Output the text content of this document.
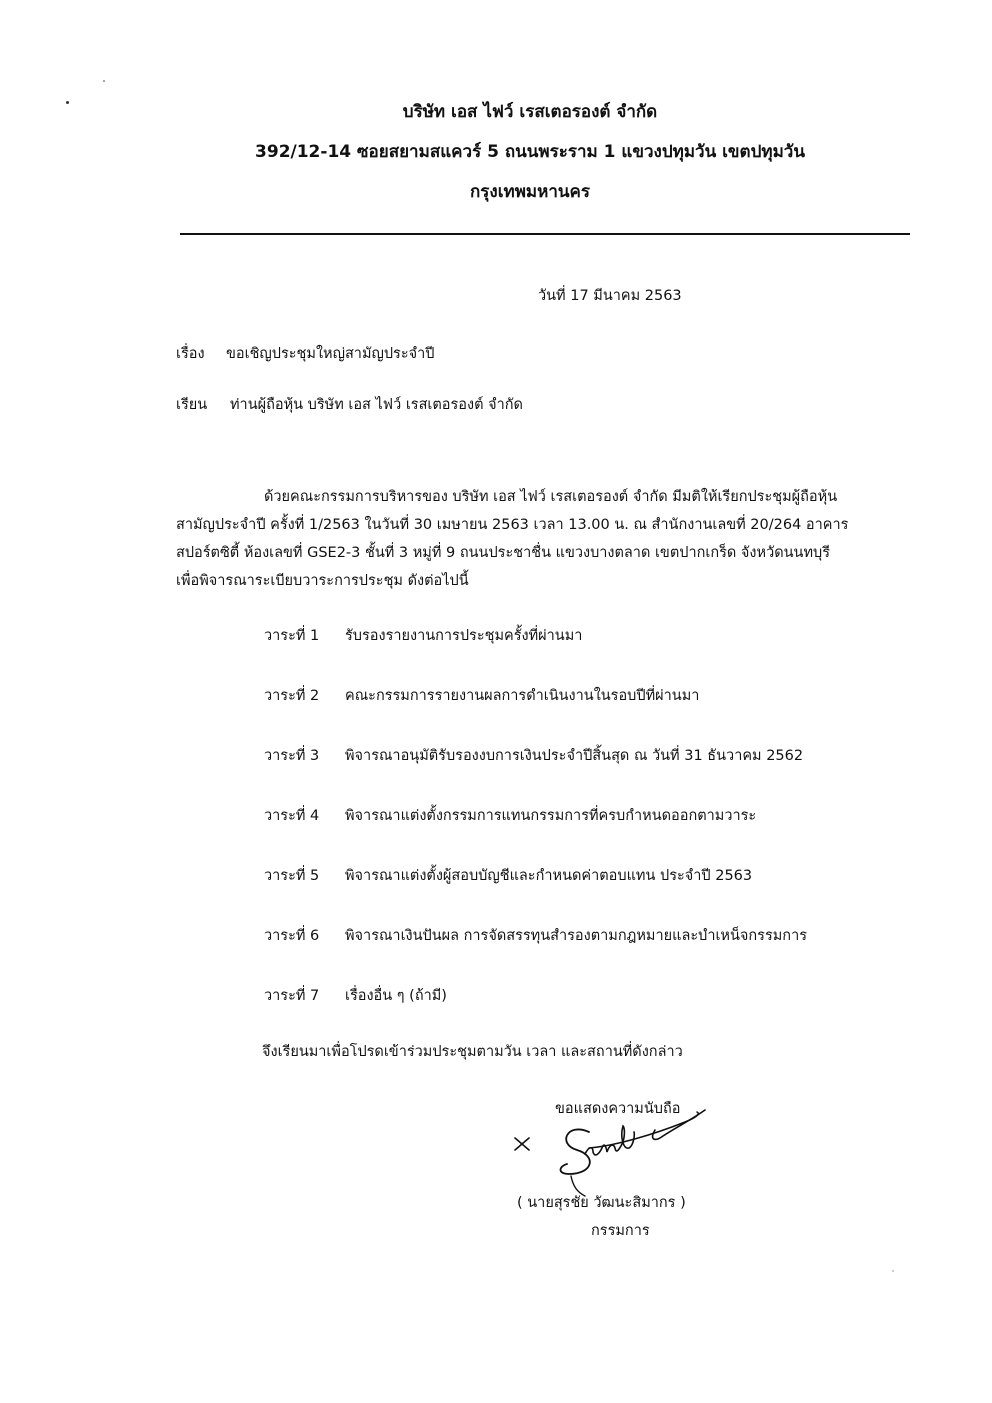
บริษัท เอส ไฟว์ เรสเตอรองต์ จำกัด
392/12-14 ซอยสยามสแควร์ 5 ถนนพระราม 1 แขวงปทุมวัน เขตปทุมวัน
กรุงเทพมหานคร
วันที่ 17 มีนาคม 2563
เรื่อง ขอเชิญประชุมใหญ่สามัญประจำปี
เรียน ท่านผู้ถือหุ้น บริษัท เอส ไฟว์ เรสเตอรองต์ จำกัด
ด้วยคณะกรรมการบริหารของ บริษัท เอส ไฟว์ เรสเตอรองต์ จำกัด มีมติให้เรียกประชุมผู้ถือหุ้น
สามัญประจำปี ครั้งที่ 1/2563 ในวันที่ 30 เมษายน 2563 เวลา 13.00 น. ณ สำนักงานเลขที่ 20/264 อาคาร
สปอร์ตซิตี้ ห้องเลขที่ GSE2-3 ชั้นที่ 3 หมู่ที่ 9 ถนนประชาชื่น แขวงบางตลาด เขตปากเกร็ด จังหวัดนนทบุรี
เพื่อพิจารณาระเบียบวาระการประชุม ดังต่อไปนี้
วาระที่ 1 รับรองรายงานการประชุมครั้งที่ผ่านมา
วาระที่ 2 คณะกรรมการรายงานผลการดำเนินงานในรอบปีที่ผ่านมา
วาระที่ 3 พิจารณาอนุมัติรับรองงบการเงินประจำปีสิ้นสุด ณ วันที่ 31 ธันวาคม 2562
วาระที่ 4 พิจารณาแต่งตั้งกรรมการแทนกรรมการที่ครบกำหนดออกตามวาระ
วาระที่ 5 พิจารณาแต่งตั้งผู้สอบบัญชีและกำหนดค่าตอบแทน ประจำปี 2563
วาระที่ 6 พิจารณาเงินปันผล การจัดสรรทุนสำรองตามกฎหมายและบำเหน็จกรรมการ
วาระที่ 7 เรื่องอื่น ๆ (ถ้ามี)
จึงเรียนมาเพื่อโปรดเข้าร่วมประชุมตามวัน เวลา และสถานที่ดังกล่าว
ขอแสดงความนับถือ
( นายสุรชัย วัฒนะสิมากร )
กรรมการ
